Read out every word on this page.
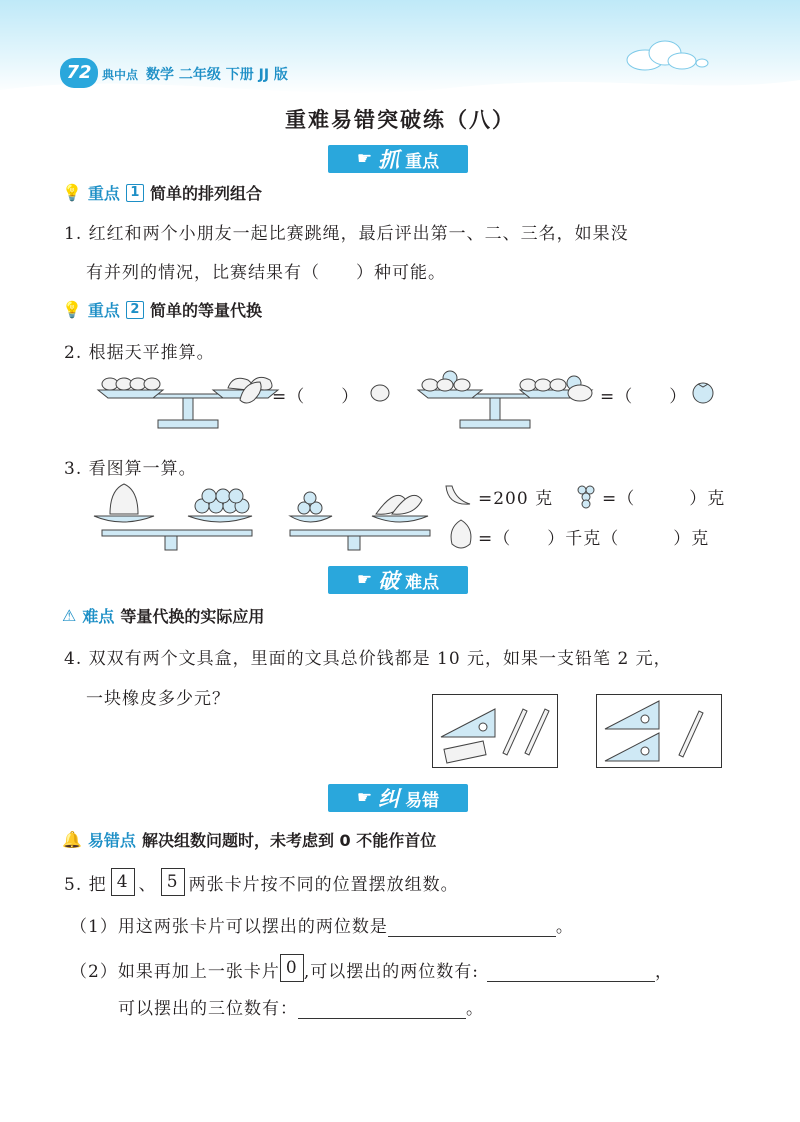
72 典中点 数学 二年级 下册 JJ 版
重难易错突破练（八）
☛ 抓 重点
💡 重点 1 简单的排列组合
1. 红红和两个小朋友一起比赛跳绳，最后评出第一、二、三名，如果没
有并列的情况，比赛结果有（　　）种可能。
💡 重点 2 简单的等量代换
2. 根据天平推算。
=（　　）	=（　　）
3. 看图算一算。
=200 克	=（　　　）克
=（　　）千克（　　　）克
☛ 破 难点
⚠ 难点 等量代换的实际应用
4. 双双有两个文具盒，里面的文具总价钱都是 10 元，如果一支铅笔 2 元，
一块橡皮多少元？
☛ 纠 易错
🔔 易错点 解决组数问题时，未考虑到 0 不能作首位
5. 把 4 、 5 两张卡片按不同的位置摆放组数。
（1）用这两张卡片可以摆出的两位数是	。
（2）如果再加上一张卡片 0 ,可以摆出的两位数有:	，
可以摆出的三位数有：	。
